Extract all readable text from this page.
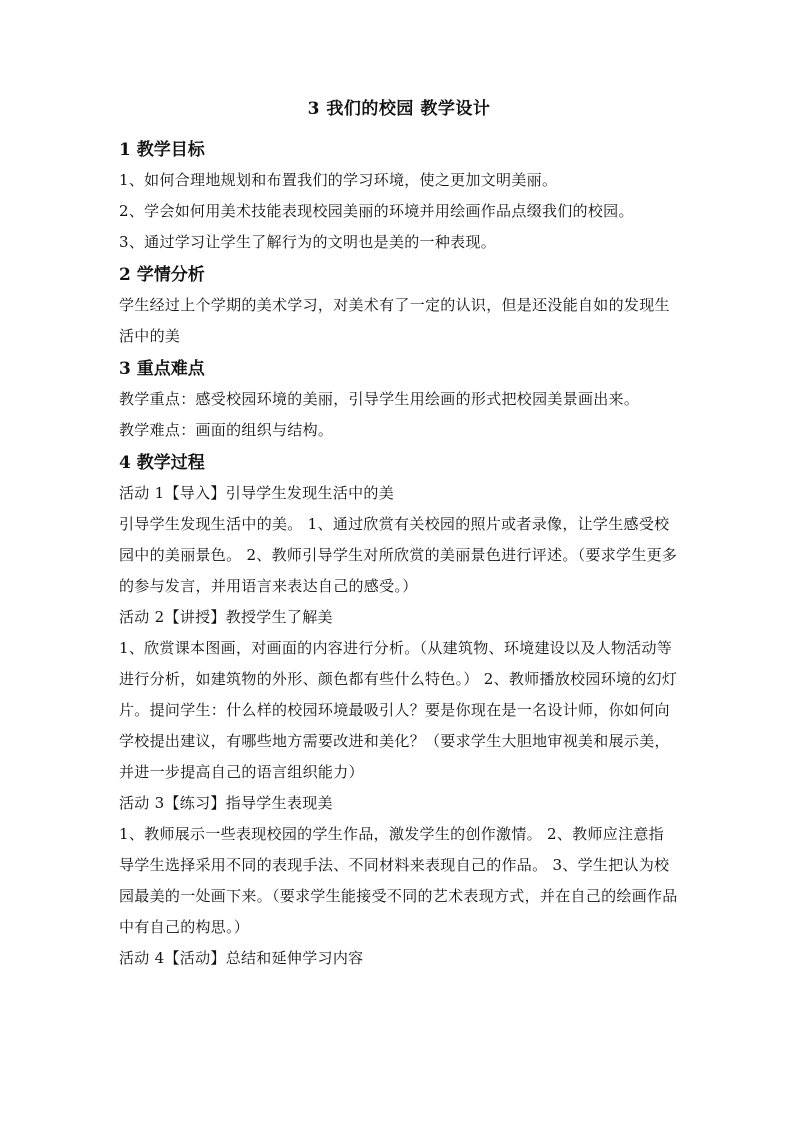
3 我们的校园 教学设计
1 教学目标
1、如何合理地规划和布置我们的学习环境，使之更加文明美丽。
2、学会如何用美术技能表现校园美丽的环境并用绘画作品点缀我们的校园。
3、通过学习让学生了解行为的文明也是美的一种表现。
2 学情分析
学生经过上个学期的美术学习，对美术有了一定的认识，但是还没能自如的发现生活中的美
3 重点难点
教学重点：感受校园环境的美丽，引导学生用绘画的形式把校园美景画出来。
教学难点：画面的组织与结构。
4 教学过程
活动 1【导入】引导学生发现生活中的美
引导学生发现生活中的美。 1、通过欣赏有关校园的照片或者录像，让学生感受校园中的美丽景色。 2、教师引导学生对所欣赏的美丽景色进行评述。（要求学生更多的参与发言，并用语言来表达自己的感受。）
活动 2【讲授】教授学生了解美
1、欣赏课本图画，对画面的内容进行分析。（从建筑物、环境建设以及人物活动等进行分析，如建筑物的外形、颜色都有些什么特色。） 2、教师播放校园环境的幻灯片。提问学生：什么样的校园环境最吸引人？要是你现在是一名设计师，你如何向学校提出建议，有哪些地方需要改进和美化？（要求学生大胆地审视美和展示美，并进一步提高自己的语言组织能力）
活动 3【练习】指导学生表现美
1、教师展示一些表现校园的学生作品，激发学生的创作激情。 2、教师应注意指导学生选择采用不同的表现手法、不同材料来表现自己的作品。 3、学生把认为校园最美的一处画下来。（要求学生能接受不同的艺术表现方式，并在自己的绘画作品中有自己的构思。）
活动 4【活动】总结和延伸学习内容
